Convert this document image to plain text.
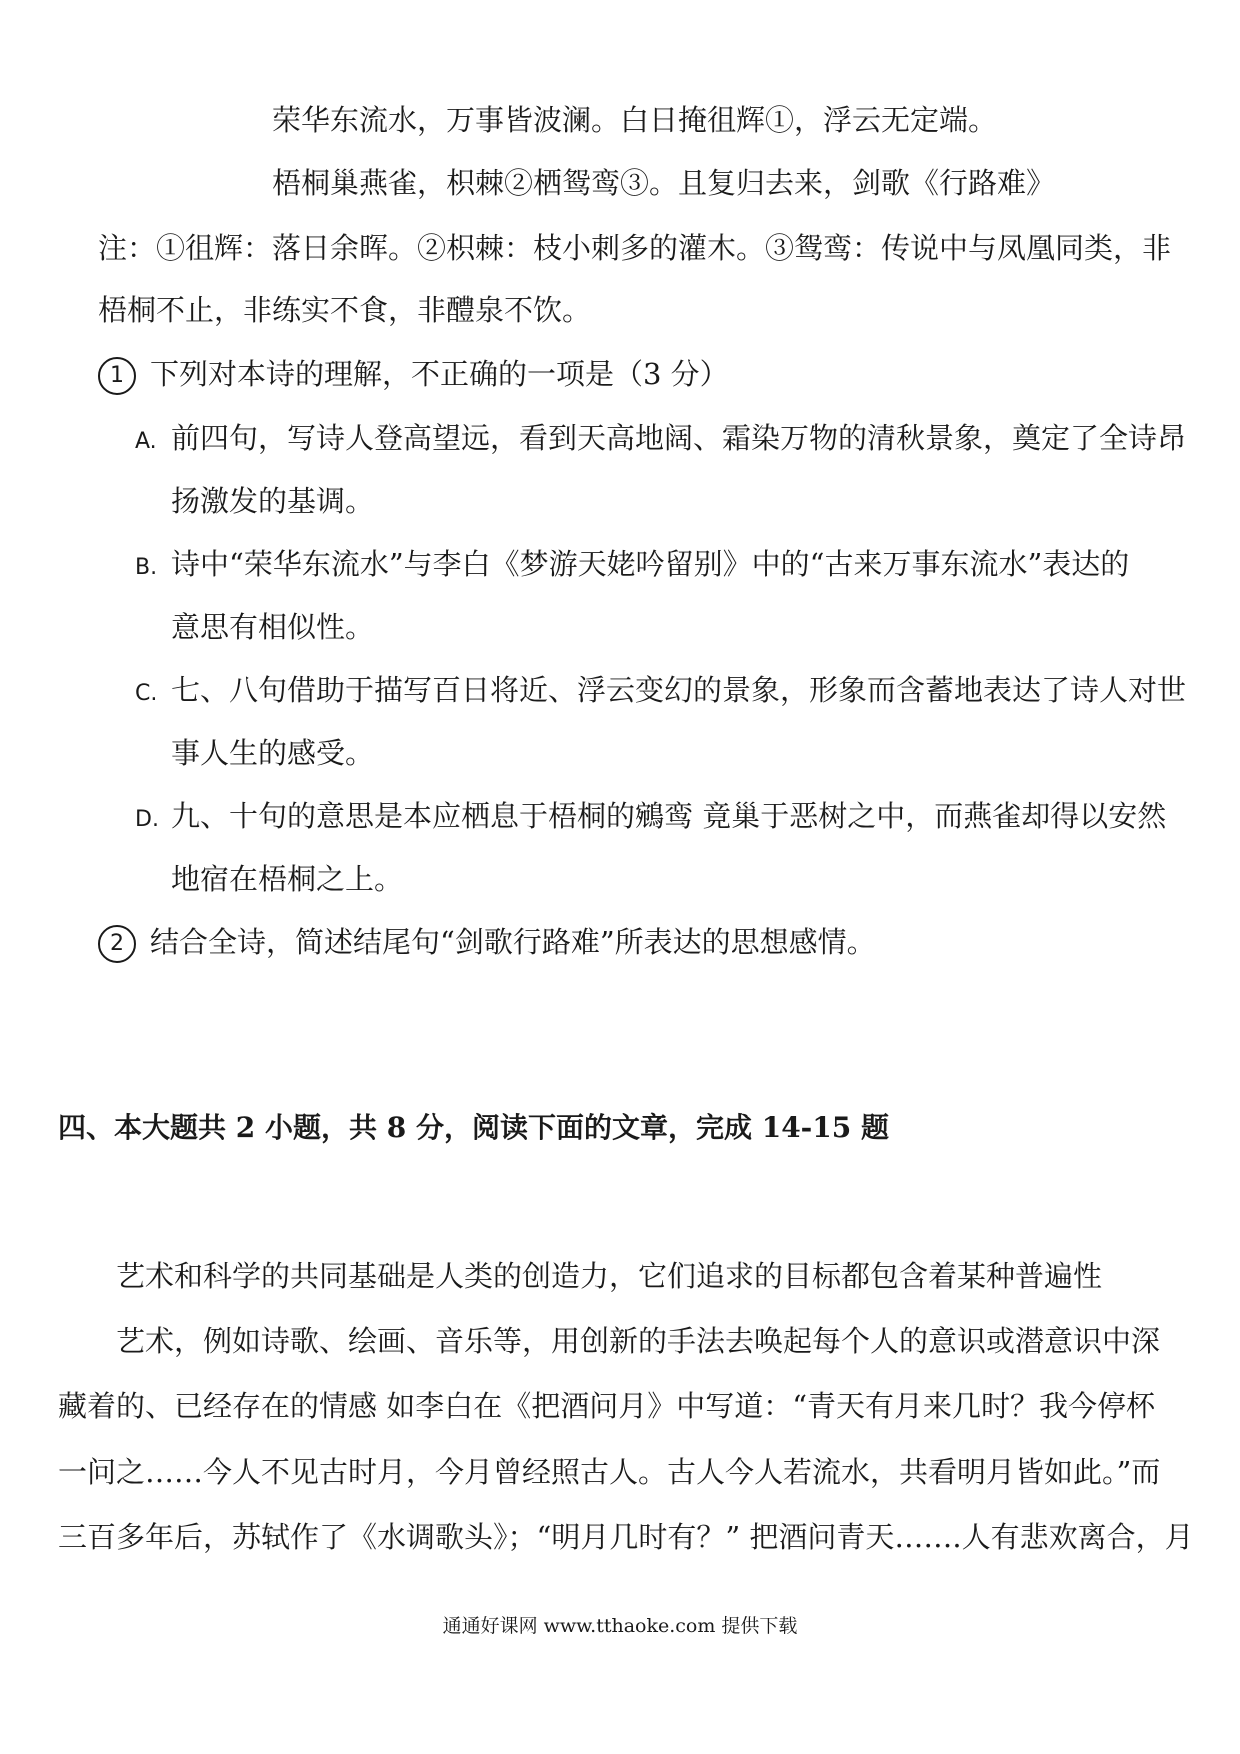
荣华东流水，万事皆波澜。白日掩徂辉①，浮云无定端。
梧桐巢燕雀，枳棘②栖鸳鸾③。且复归去来，剑歌《行路难》
注：①徂辉：落日余晖。②枳棘：枝小刺多的灌木。③鸳鸾：传说中与凤凰同类，非
梧桐不止，非练实不食，非醴泉不饮。
1 下列对本诗的理解，不正确的一项是（3 分）
A. 前四句，写诗人登高望远，看到天高地阔、霜染万物的清秋景象，奠定了全诗昂
扬激发的基调。
B. 诗中“荣华东流水”与李白《梦游天姥吟留别》中的“古来万事东流水”表达的
意思有相似性。
C. 七、八句借助于描写百日将近、浮云变幻的景象，形象而含蓄地表达了诗人对世
事人生的感受。
D. 九、十句的意思是本应栖息于梧桐的鵷鸾 竟巢于恶树之中，而燕雀却得以安然
地宿在梧桐之上。
2 结合全诗，简述结尾句“剑歌行路难”所表达的思想感情。
四、本大题共 2 小题，共 8 分，阅读下面的文章，完成 14-15 题
艺术和科学的共同基础是人类的创造力，它们追求的目标都包含着某种普遍性
艺术，例如诗歌、绘画、音乐等，用创新的手法去唤起每个人的意识或潜意识中深
藏着的、已经存在的情感 如李白在《把酒问月》中写道：“青天有月来几时？我今停杯
一问之……今人不见古时月，今月曾经照古人。古人今人若流水，共看明月皆如此。”而
三百多年后，苏轼作了《水调歌头》；“明月几时有？” 把酒问青天…….人有悲欢离合，月
通通好课网 www.tthaoke.com 提供下载
